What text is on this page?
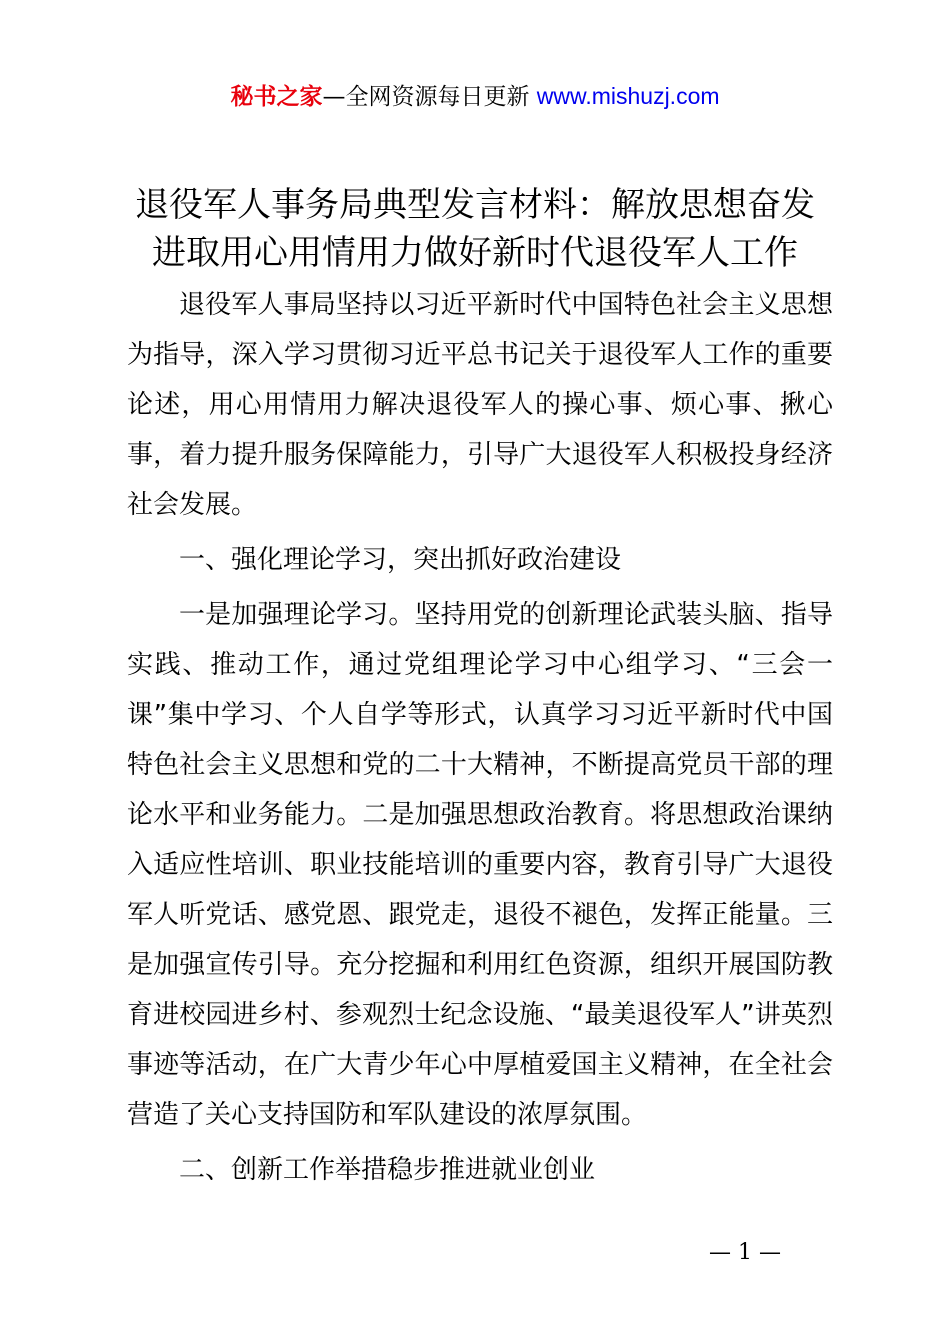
秘书之家—全网资源每日更新 www.mishuzj.com
退役军人事务局典型发言材料：解放思想奋发
进取用心用情用力做好新时代退役军人工作

退役军人事局坚持以习近平新时代中国特色社会主义思想为指导，深入学习贯彻习近平总书记关于退役军人工作的重要论述，用心用情用力解决退役军人的操心事、烦心事、揪心事，着力提升服务保障能力，引导广大退役军人积极投身经济社会发展。

一、强化理论学习，突出抓好政治建设

一是加强理论学习。坚持用党的创新理论武装头脑、指导实践、推动工作，通过党组理论学习中心组学习、“三会一课”集中学习、个人自学等形式，认真学习习近平新时代中国特色社会主义思想和党的二十大精神，不断提高党员干部的理论水平和业务能力。二是加强思想政治教育。将思想政治课纳入适应性培训、职业技能培训的重要内容，教育引导广大退役军人听党话、感党恩、跟党走，退役不褪色，发挥正能量。三是加强宣传引导。充分挖掘和利用红色资源，组织开展国防教育进校园进乡村、参观烈士纪念设施、“最美退役军人”讲英烈事迹等活动，在广大青少年心中厚植爱国主义精神，在全社会营造了关心支持国防和军队建设的浓厚氛围。

二、创新工作举措稳步推进就业创业

— 1 —
